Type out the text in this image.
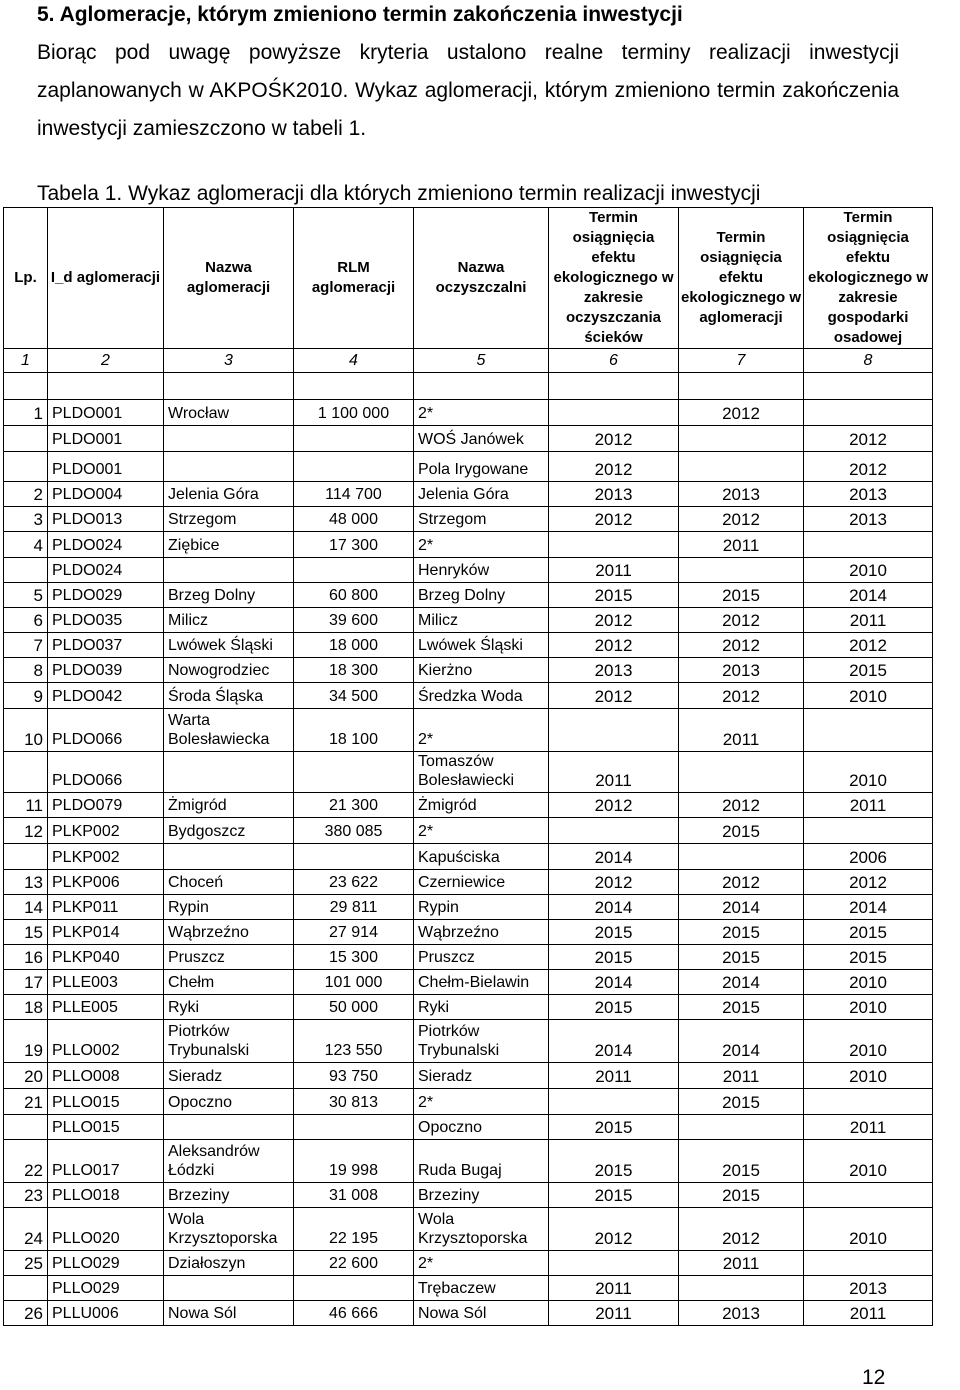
5. Aglomeracje, którym zmieniono termin zakończenia inwestycji
Biorąc pod uwagę powyższe kryteria ustalono realne terminy realizacji inwestycji zaplanowanych w AKPOŚK2010. Wykaz aglomeracji, którym zmieniono termin zakończenia inwestycji zamieszczono w tabeli 1.
Tabela 1. Wykaz aglomeracji dla których zmieniono termin realizacji inwestycji
Lp.	I_d aglomeracji	Nazwa aglomeracji	RLM aglomeracji	Nazwa oczyszczalni	Termin osiągnięcia efektu ekologicznego w zakresie oczyszczania ścieków	Termin osiągnięcia efektu ekologicznego w aglomeracji	Termin osiągnięcia efektu ekologicznego w zakresie gospodarki osadowej
1	2	3	4	5	6	7	8

1	PLDO001	Wrocław	1 100 000	2*		2012	
	PLDO001			WOŚ Janówek	2012		2012
	PLDO001			Pola Irygowane	2012		2012
2	PLDO004	Jelenia Góra	114 700	Jelenia Góra	2013	2013	2013
3	PLDO013	Strzegom	48 000	Strzegom	2012	2012	2013
4	PLDO024	Ziębice	17 300	2*		2011	
	PLDO024			Henryków	2011		2010
5	PLDO029	Brzeg Dolny	60 800	Brzeg Dolny	2015	2015	2014
6	PLDO035	Milicz	39 600	Milicz	2012	2012	2011
7	PLDO037	Lwówek Śląski	18 000	Lwówek Śląski	2012	2012	2012
8	PLDO039	Nowogrodziec	18 300	Kierżno	2013	2013	2015
9	PLDO042	Środa Śląska	34 500	Średzka Woda	2012	2012	2010
10	PLDO066	Warta Bolesławiecka	18 100	2*		2011	
	PLDO066			Tomaszów Bolesławiecki	2011		2010
11	PLDO079	Żmigród	21 300	Żmigród	2012	2012	2011
12	PLKP002	Bydgoszcz	380 085	2*		2015	
	PLKP002			Kapuściska	2014		2006
13	PLKP006	Choceń	23 622	Czerniewice	2012	2012	2012
14	PLKP011	Rypin	29 811	Rypin	2014	2014	2014
15	PLKP014	Wąbrzeźno	27 914	Wąbrzeźno	2015	2015	2015
16	PLKP040	Pruszcz	15 300	Pruszcz	2015	2015	2015
17	PLLE003	Chełm	101 000	Chełm-Bielawin	2014	2014	2010
18	PLLE005	Ryki	50 000	Ryki	2015	2015	2010
19	PLLO002	Piotrków Trybunalski	123 550	Piotrków Trybunalski	2014	2014	2010
20	PLLO008	Sieradz	93 750	Sieradz	2011	2011	2010
21	PLLO015	Opoczno	30 813	2*		2015	
	PLLO015			Opoczno	2015		2011
22	PLLO017	Aleksandrów Łódzki	19 998	Ruda Bugaj	2015	2015	2010
23	PLLO018	Brzeziny	31 008	Brzeziny	2015	2015	
24	PLLO020	Wola Krzysztoporska	22 195	Wola Krzysztoporska	2012	2012	2010
25	PLLO029	Działoszyn	22 600	2*		2011	
	PLLO029			Trębaczew	2011		2013
26	PLLU006	Nowa Sól	46 666	Nowa Sól	2011	2013	2011
12
